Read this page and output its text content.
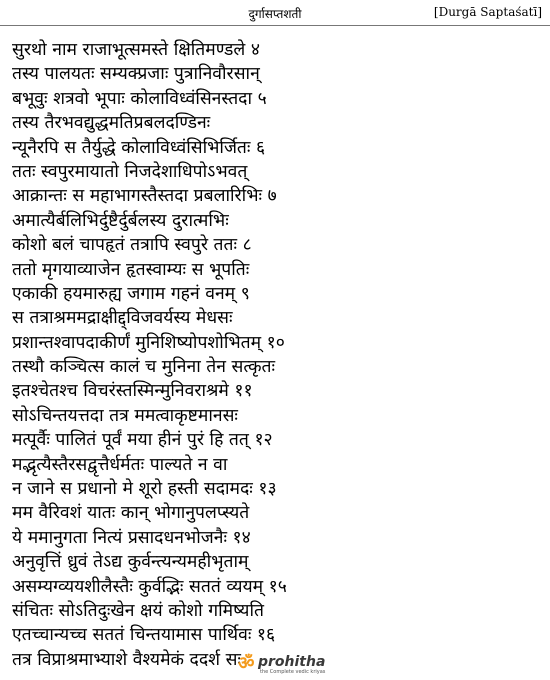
दुर्गासप्तशती	[Durgā Saptaśatī]
सुरथो नाम राजाभूत्समस्ते क्षितिमण्डले ४
तस्य पालयतः सम्यक्प्रजाः पुत्रानिवौरसान्
बभूवुः शत्रवो भूपाः कोलाविध्वंसिनस्तदा ५
तस्य तैरभवद्युद्धमतिप्रबलदण्डिनः
न्यूनैरपि स तैर्युद्धे कोलाविध्वंसिभिर्जितः ६
ततः स्वपुरमायातो निजदेशाधिपोऽभवत्
आक्रान्तः स महाभागस्तैस्तदा प्रबलारिभिः ७
अमात्यैर्बलिभिर्दुष्टैर्दुर्बलस्य दुरात्मभिः
कोशो बलं चापहृतं तत्रापि स्वपुरे ततः ८
ततो मृगयाव्याजेन हृतस्वाम्यः स भूपतिः
एकाकी हयमारुह्य जगाम गहनं वनम् ९
स तत्राश्रममद्राक्षीद्द्विजवर्यस्य मेधसः
प्रशान्तश्वापदाकीर्णं मुनिशिष्योपशोभितम् १०
तस्थौ कञ्चित्स कालं च मुनिना तेन सत्कृतः
इतश्चेतश्च विचरंस्तस्मिन्मुनिवराश्रमे ११
सोऽचिन्तयत्तदा तत्र ममत्वाकृष्टमानसः
मत्पूर्वैः पालितं पूर्वं मया हीनं पुरं हि तत् १२
मद्भृत्यैस्तैरसद्वृत्तैर्धर्मतः पाल्यते न वा
न जाने स प्रधानो मे शूरो हस्ती सदामदः १३
मम वैरिवशं यातः कान् भोगानुपलप्स्यते
ये ममानुगता नित्यं प्रसादधनभोजनैः १४
अनुवृत्तिं ध्रुवं तेऽद्य कुर्वन्त्यन्यमहीभृताम्
असम्यग्व्ययशीलैस्तैः कुर्वद्भिः सततं व्ययम् १५
संचितः सोऽतिदुःखेन क्षयं कोशो गमिष्यति
एतच्चान्यच्च सततं चिन्तयामास पार्थिवः १६
तत्र विप्राश्रमाभ्याशे वैश्यमेकं ददर्श सः
ॐ prohitha
the Complete vedic kriyas
